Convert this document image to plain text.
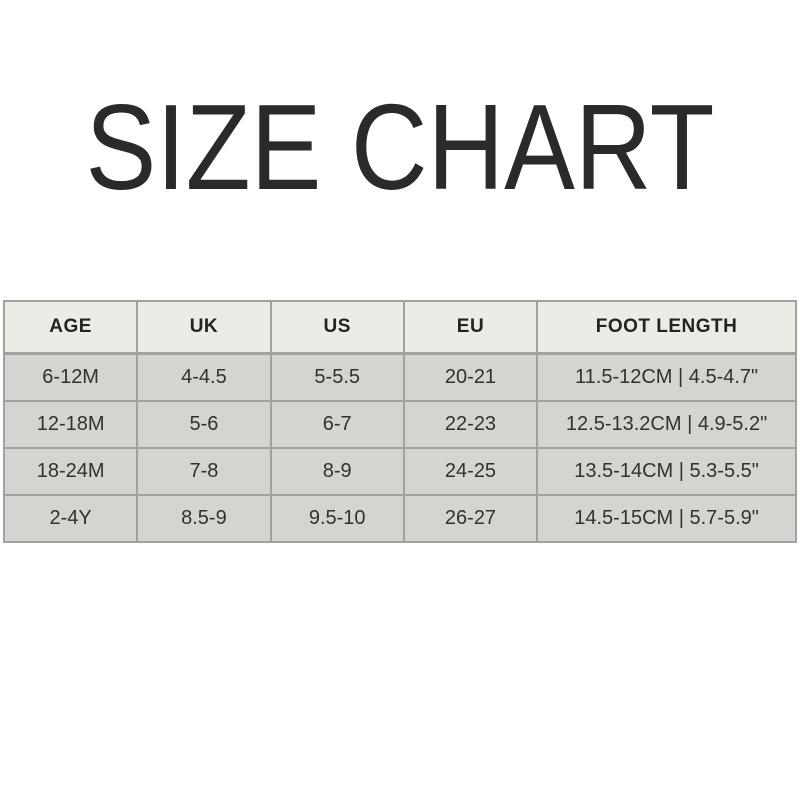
SIZE CHART
AGE	UK	US	EU	FOOT LENGTH
6-12M	4-4.5	5-5.5	20-21	11.5-12CM | 4.5-4.7"
12-18M	5-6	6-7	22-23	12.5-13.2CM | 4.9-5.2"
18-24M	7-8	8-9	24-25	13.5-14CM | 5.3-5.5"
2-4Y	8.5-9	9.5-10	26-27	14.5-15CM | 5.7-5.9"
